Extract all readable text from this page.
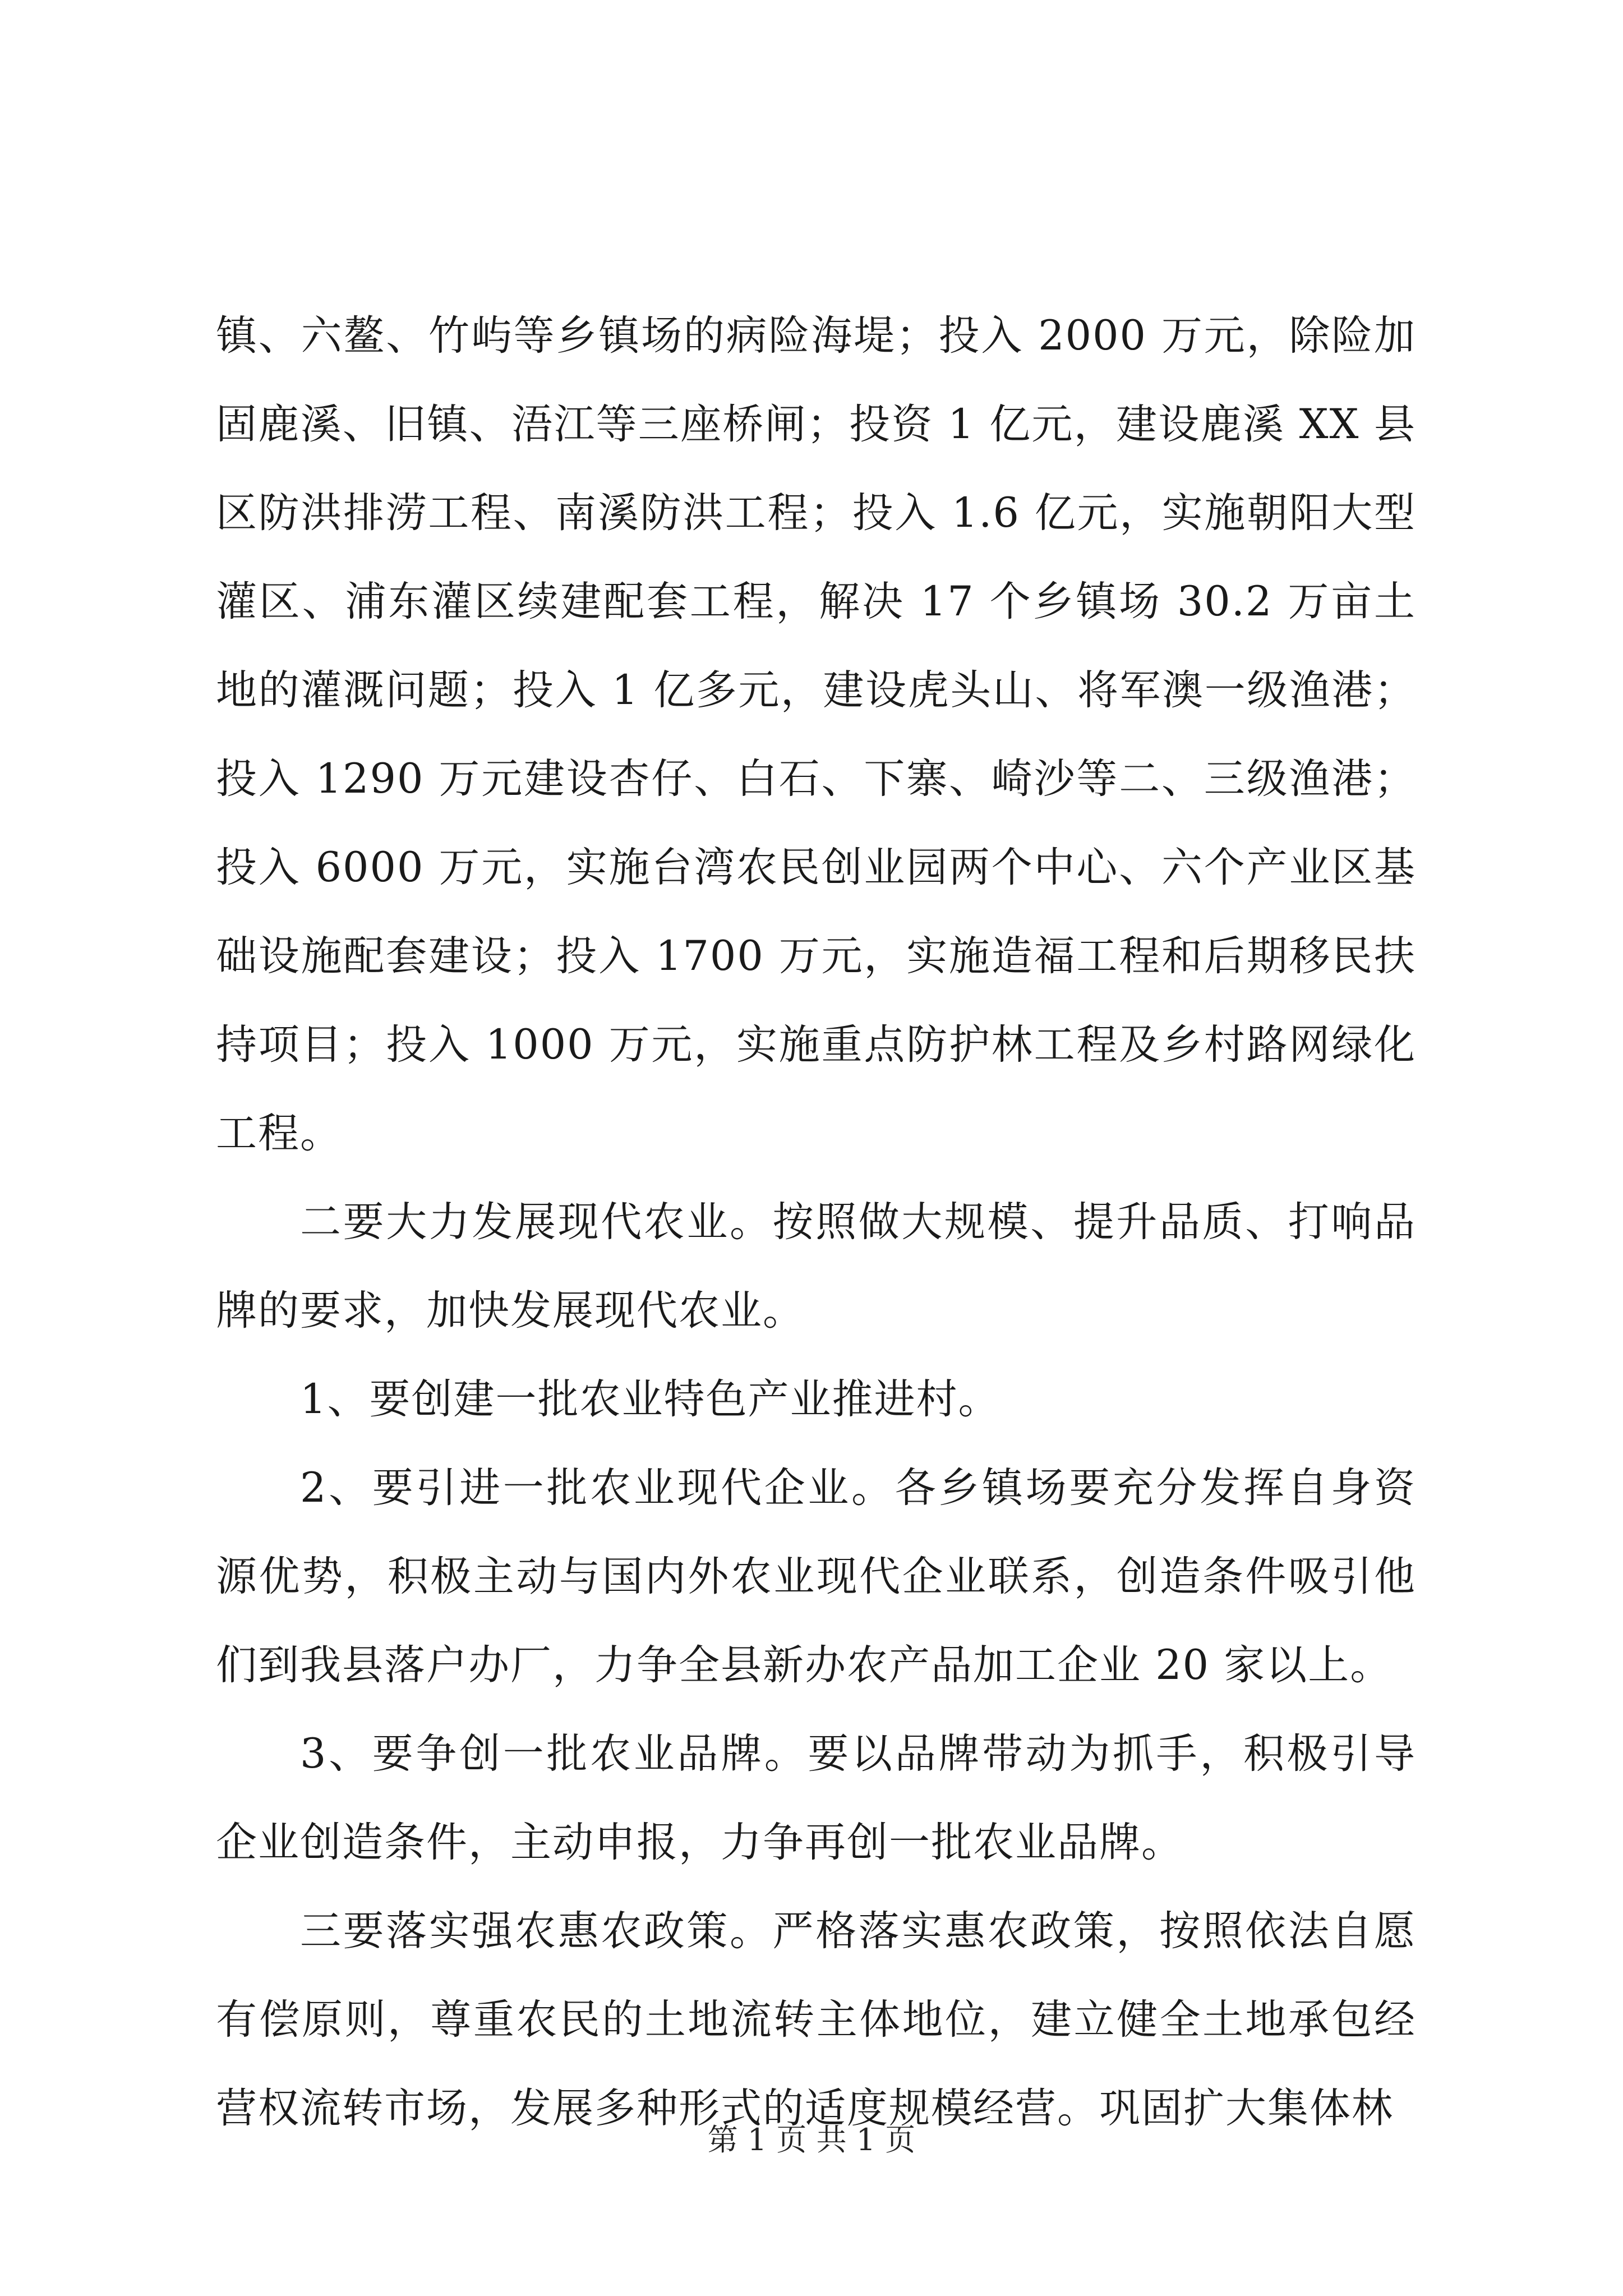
镇、六鳌、竹屿等乡镇场的病险海堤；投入 2000 万元，除险加固鹿溪、旧镇、浯江等三座桥闸；投资 1 亿元，建设鹿溪 XX 县区防洪排涝工程、南溪防洪工程；投入 1.6 亿元，实施朝阳大型灌区、浦东灌区续建配套工程，解决 17 个乡镇场 30.2 万亩土地的灌溉问题；投入 1 亿多元，建设虎头山、将军澳一级渔港；投入 1290 万元建设杏仔、白石、下寨、崎沙等二、三级渔港；投入 6000 万元，实施台湾农民创业园两个中心、六个产业区基础设施配套建设；投入 1700 万元，实施造福工程和后期移民扶持项目；投入 1000 万元，实施重点防护林工程及乡村路网绿化工程。

二要大力发展现代农业。按照做大规模、提升品质、打响品牌的要求，加快发展现代农业。

1、要创建一批农业特色产业推进村。

2、要引进一批农业现代企业。各乡镇场要充分发挥自身资源优势，积极主动与国内外农业现代企业联系，创造条件吸引他们到我县落户办厂，力争全县新办农产品加工企业 20 家以上。

3、要争创一批农业品牌。要以品牌带动为抓手，积极引导企业创造条件，主动申报，力争再创一批农业品牌。

三要落实强农惠农政策。严格落实惠农政策，按照依法自愿有偿原则，尊重农民的土地流转主体地位，建立健全土地承包经营权流转市场，发展多种形式的适度规模经营。巩固扩大集体林

第 1 页 共 1 页
